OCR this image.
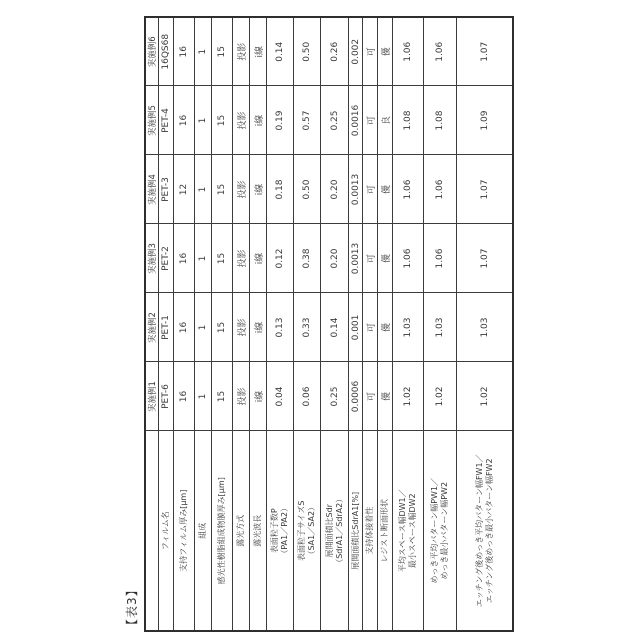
【表3】
	実施例1	実施例2	実施例3	実施例4	実施例5	実施例6

フィルム名	PET-6	PET-1	PET-2	PET-3	PET-4	16QS68

支持フィルム厚み[μm]	16	16	16	12	16	16

組成	1	1	1	1	1	1

感光性樹脂組成物膜厚み[μm]	15	15	15	15	15	15

露光方式	投影	投影	投影	投影	投影	投影

露光波長	i線	i線	i線	i線	i線	i線

表面粒子数P （PA1／PA2）	0.04	0.13	0.12	0.18	0.19	0.14

表面粒子サイズS （SA1／SA2）	0.06	0.33	0.38	0.50	0.57	0.50

展開面積比Sdr （SdrA1／SdrA2）	0.25	0.14	0.20	0.20	0.25	0.26

展開面積比SdrA1[%]	0.0006	0.001	0.0013	0.0013	0.0016	0.002

支持体接着性	可	可	可	可	可	可

レジスト断面形状	優	優	優	優	良	優

平均スペース幅DW1／ 最小スペース幅DW2	1.02	1.03	1.06	1.06	1.08	1.06

めっき平均パターン幅PW1／ めっき最小パターン幅PW2	1.02	1.03	1.06	1.06	1.08	1.06

エッチング後めっき平均パターン幅FW1／ エッチング後めっき最小パターン幅FW2	1.02	1.03	1.07	1.07	1.09	1.07
